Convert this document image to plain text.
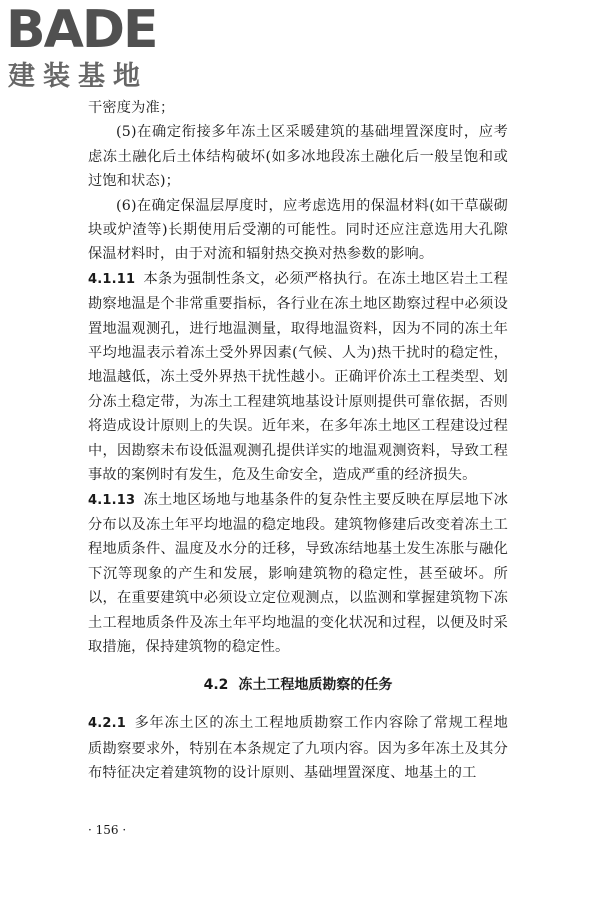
BADE
建装基地

干密度为准；

(5)在确定衔接多年冻土区采暖建筑的基础埋置深度时，应考虑冻土融化后土体结构破坏(如多冰地段冻土融化后一般呈饱和或过饱和状态)；

(6)在确定保温层厚度时，应考虑选用的保温材料(如干草碳砌块或炉渣等)长期使用后受潮的可能性。同时还应注意选用大孔隙保温材料时，由于对流和辐射热交换对热参数的影响。

4.1.11 本条为强制性条文，必须严格执行。在冻土地区岩土工程勘察地温是个非常重要指标，各行业在冻土地区勘察过程中必须设置地温观测孔，进行地温测量，取得地温资料，因为不同的冻土年平均地温表示着冻土受外界因素(气候、人为)热干扰时的稳定性，地温越低，冻土受外界热干扰性越小。正确评价冻土工程类型、划分冻土稳定带，为冻土工程建筑地基设计原则提供可靠依据，否则将造成设计原则上的失误。近年来，在多年冻土地区工程建设过程中，因勘察未布设低温观测孔提供详实的地温观测资料，导致工程事故的案例时有发生，危及生命安全，造成严重的经济损失。

4.1.13 冻土地区场地与地基条件的复杂性主要反映在厚层地下冰分布以及冻土年平均地温的稳定地段。建筑物修建后改变着冻土工程地质条件、温度及水分的迁移，导致冻结地基土发生冻胀与融化下沉等现象的产生和发展，影响建筑物的稳定性，甚至破坏。所以，在重要建筑中必须设立定位观测点，以监测和掌握建筑物下冻土工程地质条件及冻土年平均地温的变化状况和过程，以便及时采取措施，保持建筑物的稳定性。

4.2 冻土工程地质勘察的任务

4.2.1 多年冻土区的冻土工程地质勘察工作内容除了常规工程地质勘察要求外，特别在本条规定了九项内容。因为多年冻土及其分布特征决定着建筑物的设计原则、基础埋置深度、地基土的工

· 156 ·
